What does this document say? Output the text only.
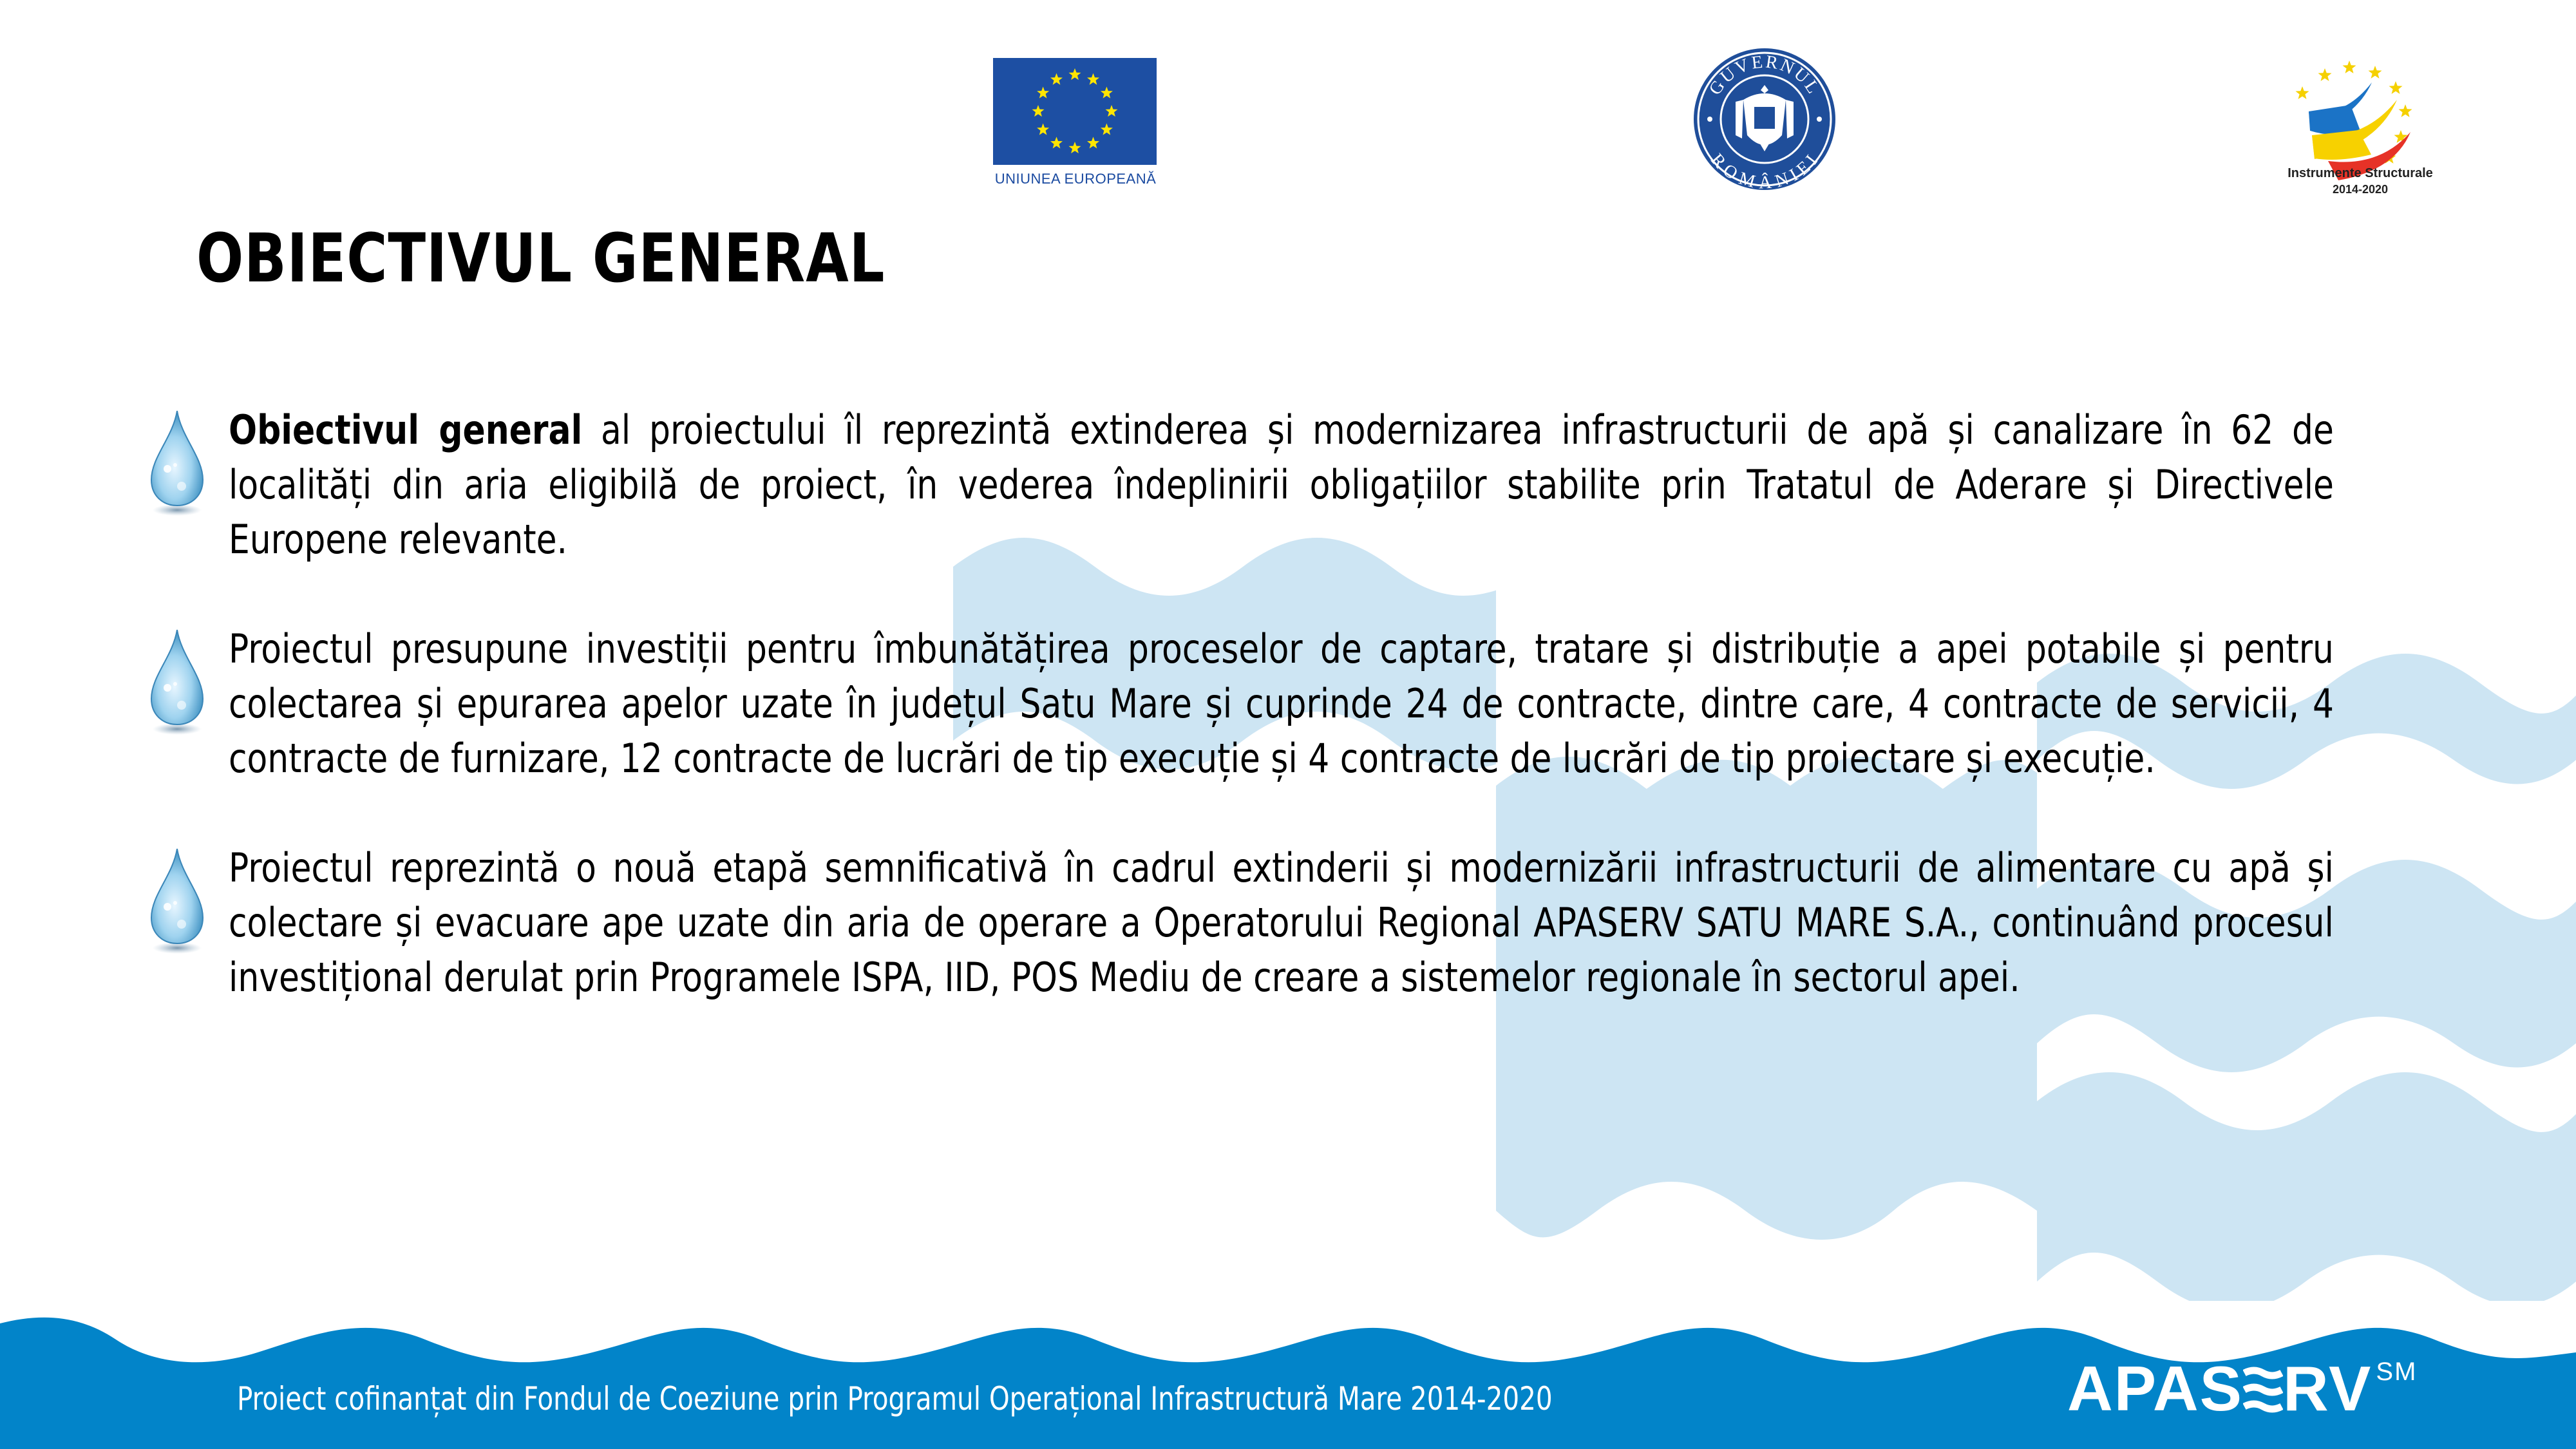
UNIUNEA EUROPEANĂ
GUVERNUL
ROMÂNIEI
Instrumente Structurale
2014-2020
OBIECTIVUL GENERAL
Obiectivul general al proiectului îl reprezintă extinderea și modernizarea infrastructurii de apă și canalizare în 62 de localități din aria eligibilă de proiect, în vederea îndeplinirii obligațiilor stabilite prin Tratatul de Aderare și Directivele Europene relevante.
Proiectul presupune investiții pentru îmbunătățirea proceselor de captare, tratare și distribuție a apei potabile și pentru colectarea și epurarea apelor uzate în județul Satu Mare și cuprinde 24 de contracte, dintre care, 4 contracte de servicii, 4 contracte de furnizare, 12 contracte de lucrări de tip execuție și 4 contracte de lucrări de tip proiectare și execuție.
Proiectul reprezintă o nouă etapă semnificativă în cadrul extinderii și modernizării infrastructurii de alimentare cu apă și colectare și evacuare ape uzate din aria de operare a Operatorului Regional APASERV SATU MARE S.A., continuând procesul investițional derulat prin Programele ISPA, IID, POS Mediu de creare a sistemelor regionale în sectorul apei.
Proiect cofinanțat din Fondul de Coeziune prin Programul Operațional Infrastructură Mare 2014-2020	APAS RV ℠
